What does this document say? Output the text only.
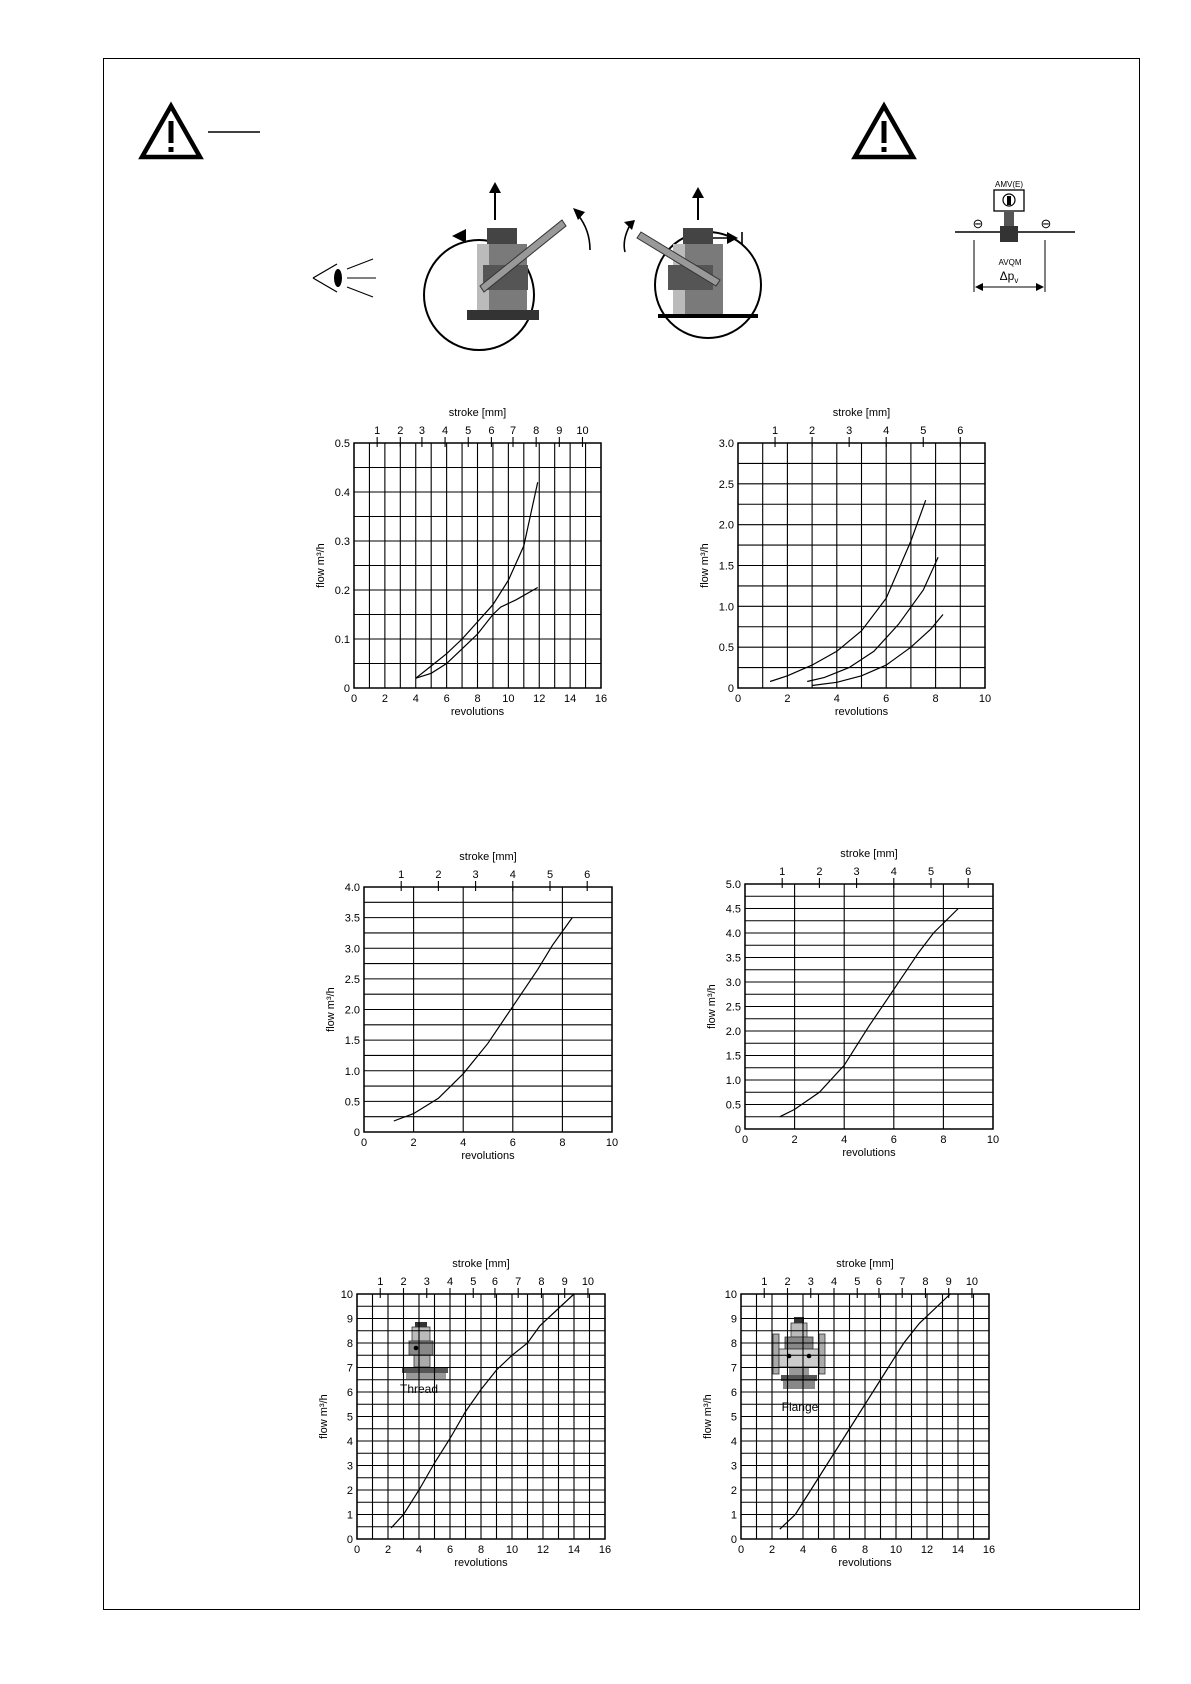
AMV(E)
⊖	⊖
AVQM
$\Delta p_v$
Thread
Flange
0 2 4 6 8 10 12 14 16
0
0.1
0.2
0.3
0.4
0.5
1 2 3 4 5 6 7 8 9 10
revolutions
stroke [mm]
flow m³/h
0	2	4	6	8	10
0
0.5
1.0
1.5
2.0
2.5
3.0
1	2	3	4	5	6
revolutions
stroke [mm]
flow m³/h
0	2	4	6	8	10
0
0.5
1.0
1.5
2.0
2.5
3.0
3.5
4.0
1	2	3	4	5	6
revolutions
stroke [mm]
flow m³/h
0	2	4	6	8	10
0
0.5
1.0
1.5
2.0
2.5
3.0
3.5
4.0
4.5
5.0
1	2	3	4	5	6
revolutions
stroke [mm]
flow m³/h
0 2 4 6 8 10 12 14 16
0
1
2
3
4
5
6
7
8
9
10
1 2 3 4 5 6 7 8 9 10
revolutions
stroke [mm]
flow m³/h
0 2 4 6 8 10 12 14 16
0
1
2
3
4
5
6
7
8
9
10
1 2 3 4 5 6 7 8 9 10
revolutions
stroke [mm]
flow m³/h
